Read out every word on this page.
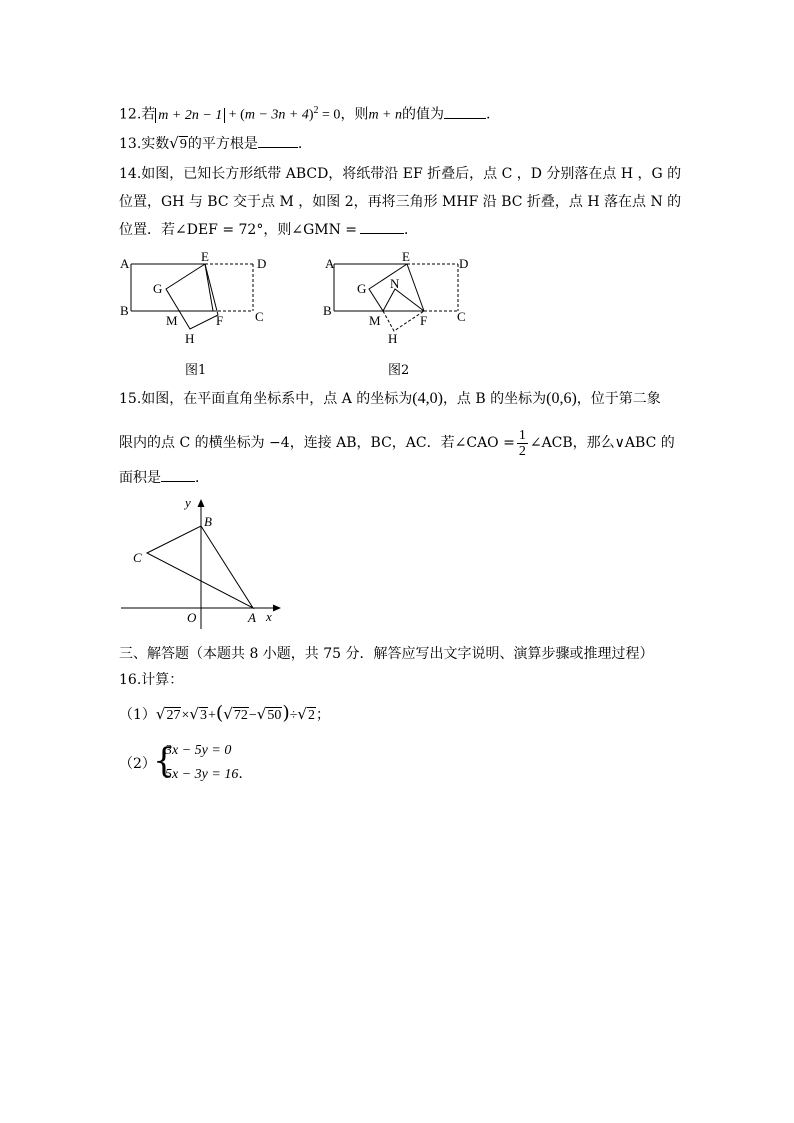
12.若 $m + 2n - 1 + (m - 3n + 4)^2 = 0$，则m + n的值为	.
13.实数√9的平方根是	.
14.如图，已知长方形纸带 ABCD，将纸带沿 EF 折叠后，点 C ，D 分别落在点 H ，G 的
位置，GH 与 BC 交于点 M ，如图 2，再将三角形 MHF 沿 BC 折叠，点 H 落在点 N 的
位置．若∠DEF = 72°，则∠GMN =	．
A
B	C
D
E
F
G
H
M
图1
A
B	C
D
E
F
G
H
M
N
图2
15.如图，在平面直角坐标系中，点 A 的坐标为(4,0)，点 B 的坐标为(0,6)，位于第二象
限内的点 C 的横坐标为 −4，连接 AB，BC，AC．若∠CAO = $\frac{1}{2}$ ∠ACB，那么∨ABC 的
面积是 ．
y
x
O	A
B
C
三、解答题（本题共 8 小题，共 75 分．解答应写出文字说明、演算步骤或推理过程）
16.计算：
（1）√27×√3+(√72−√50)÷√2；
（2）
{
3x − 5y = 0
5x − 3y = 16.
